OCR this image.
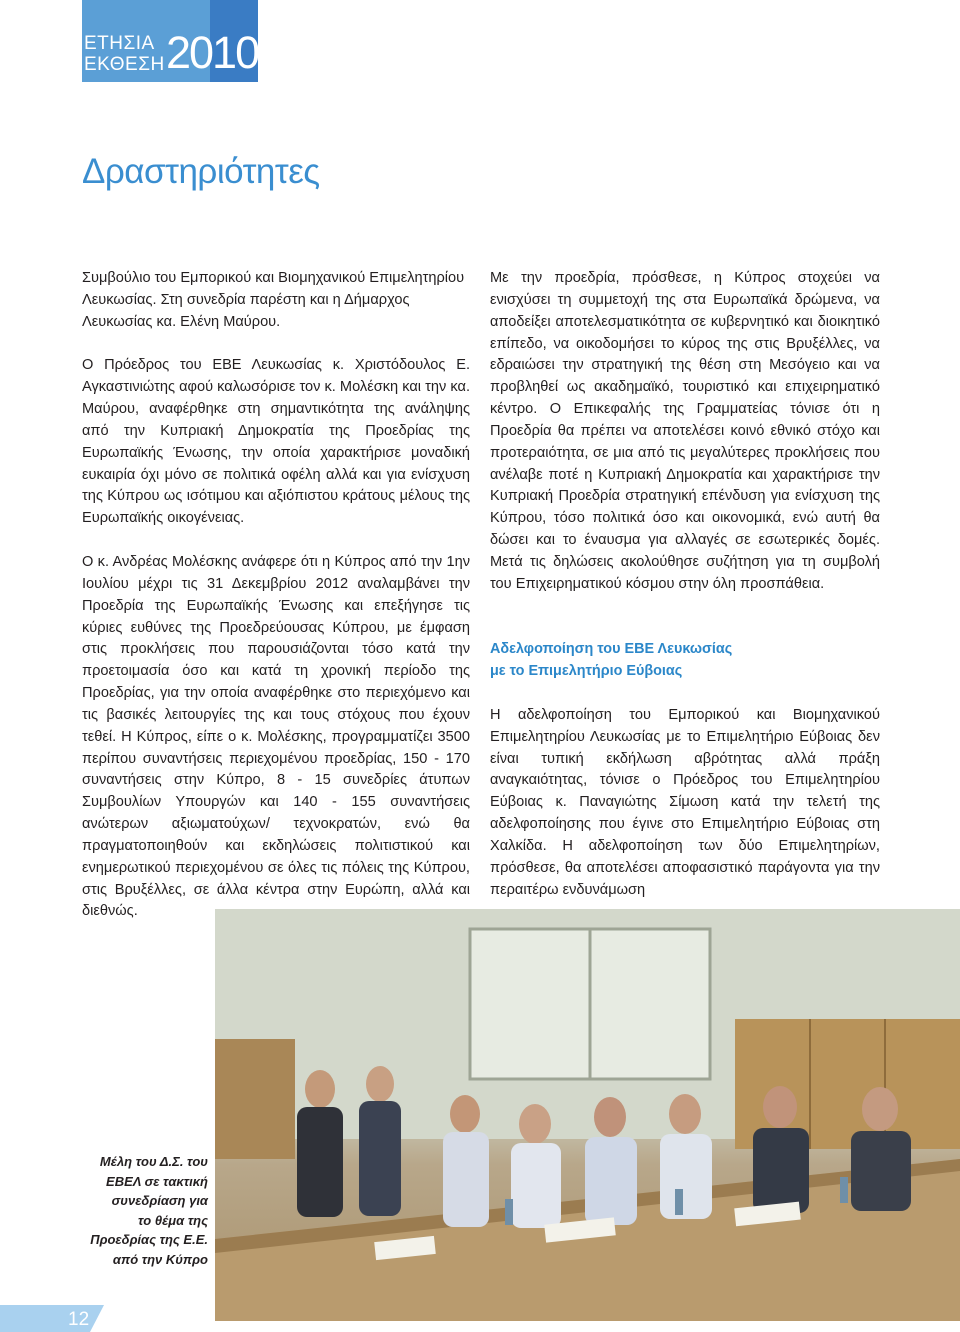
ΕΤΗΣΙΑ
ΕΚΘΕΣΗ 2010
Δραστηριότητες

Συμβούλιο του Εμπορικού και Βιομηχανικού Επιμελητηρίου Λευκωσίας. Στη συνεδρία παρέστη και η Δήμαρχος Λευκωσίας κα. Ελένη Μαύρου.

Ο Πρόεδρος του ΕΒΕ Λευκωσίας κ. Χριστόδουλος Ε. Αγκαστινιώτης αφού καλωσόρισε τον κ. Μολέσκη και την κα. Μαύρου, αναφέρθηκε στη σημαντικότητα της ανάληψης από την Κυπριακή Δημοκρατία της Προεδρίας της Ευρωπαϊκής Ένωσης, την οποία χαρακτήρισε μοναδική ευκαιρία όχι μόνο σε πολιτικά οφέλη αλλά και για ενίσχυση της Κύπρου ως ισότιμου και αξιόπιστου κράτους μέλους της Ευρωπαϊκής οικογένειας.

Ο κ. Ανδρέας Μολέσκης ανάφερε ότι η Κύπρος από την 1ην Ιουλίου μέχρι τις 31 Δεκεμβρίου 2012 αναλαμβάνει την Προεδρία της Ευρωπαϊκής Ένωσης και επεξήγησε τις κύριες ευθύνες της Προεδρεύουσας Κύπρου, με έμφαση στις προκλήσεις που παρουσιάζονται τόσο κατά την προετοιμασία όσο και κατά τη χρονική περίοδο της Προεδρίας, για την οποία αναφέρθηκε στο περιεχόμενο και τις βασικές λειτουργίες της και τους στόχους που έχουν τεθεί. Η Κύπρος, είπε ο κ. Μολέσκης, προγραμματίζει 3500 περίπου συναντήσεις περιεχομένου προεδρίας, 150 - 170 συναντήσεις στην Κύπρο, 8 - 15 συνεδρίες άτυπων Συμβουλίων Υπουργών και 140 - 155 συναντήσεις ανώτερων αξιωματούχων/ τεχνοκρατών, ενώ θα πραγματοποιηθούν και εκδηλώσεις πολιτιστικού και ενημερωτικού περιεχομένου σε όλες τις πόλεις της Κύπρου, στις Βρυξέλλες, σε άλλα κέντρα στην Ευρώπη, αλλά και διεθνώς.

Με την προεδρία, πρόσθεσε, η Κύπρος στοχεύει να ενισχύσει τη συμμετοχή της στα Ευρωπαϊκά δρώμενα, να αποδείξει αποτελεσματικότητα σε κυβερνητικό και διοικητικό επίπεδο, να οικοδομήσει το κύρος της στις Βρυξέλλες, να εδραιώσει την στρατηγική της θέση στη Μεσόγειο και να προβληθεί ως ακαδημαϊκό, τουριστικό και επιχειρηματικό κέντρο. Ο Επικεφαλής της Γραμματείας τόνισε ότι η Προεδρία θα πρέπει να αποτελέσει κοινό εθνικό στόχο και προτεραιότητα, σε μια από τις μεγαλύτερες προκλήσεις που ανέλαβε ποτέ η Κυπριακή Δημοκρατία και χαρακτήρισε την Κυπριακή Προεδρία στρατηγική επένδυση για ενίσχυση της Κύπρου, τόσο πολιτικά όσο και οικονομικά, ενώ αυτή θα δώσει και το έναυσμα για αλλαγές σε εσωτερικές δομές. Μετά τις δηλώσεις ακολούθησε συζήτηση για τη συμβολή του Επιχειρηματικού κόσμου στην όλη προσπάθεια.

Αδελφοποίηση του ΕΒΕ Λευκωσίας
με το Επιμελητήριο Εύβοιας

Η αδελφοποίηση του Εμπορικού και Βιομηχανικού Επιμελητηρίου Λευκωσίας με το Επιμελητήριο Εύβοιας δεν είναι τυπική εκδήλωση αβρότητας αλλά πράξη αναγκαιότητας, τόνισε ο Πρόεδρος του Επιμελητηρίου Εύβοιας κ. Παναγιώτης Σίμωση κατά την τελετή της αδελφοποίησης που έγινε στο Επιμελητήριο Εύβοιας στη Χαλκίδα. Η αδελφοποίηση των δύο Επιμελητηρίων, πρόσθεσε, θα αποτελέσει αποφασιστικό παράγοντα για την περαιτέρω ενδυνάμωση

Μέλη του Δ.Σ. του
ΕΒΕΛ σε τακτική
συνεδρίαση για
το θέμα της
Προεδρίας της Ε.Ε.
από την Κύπρο
12
